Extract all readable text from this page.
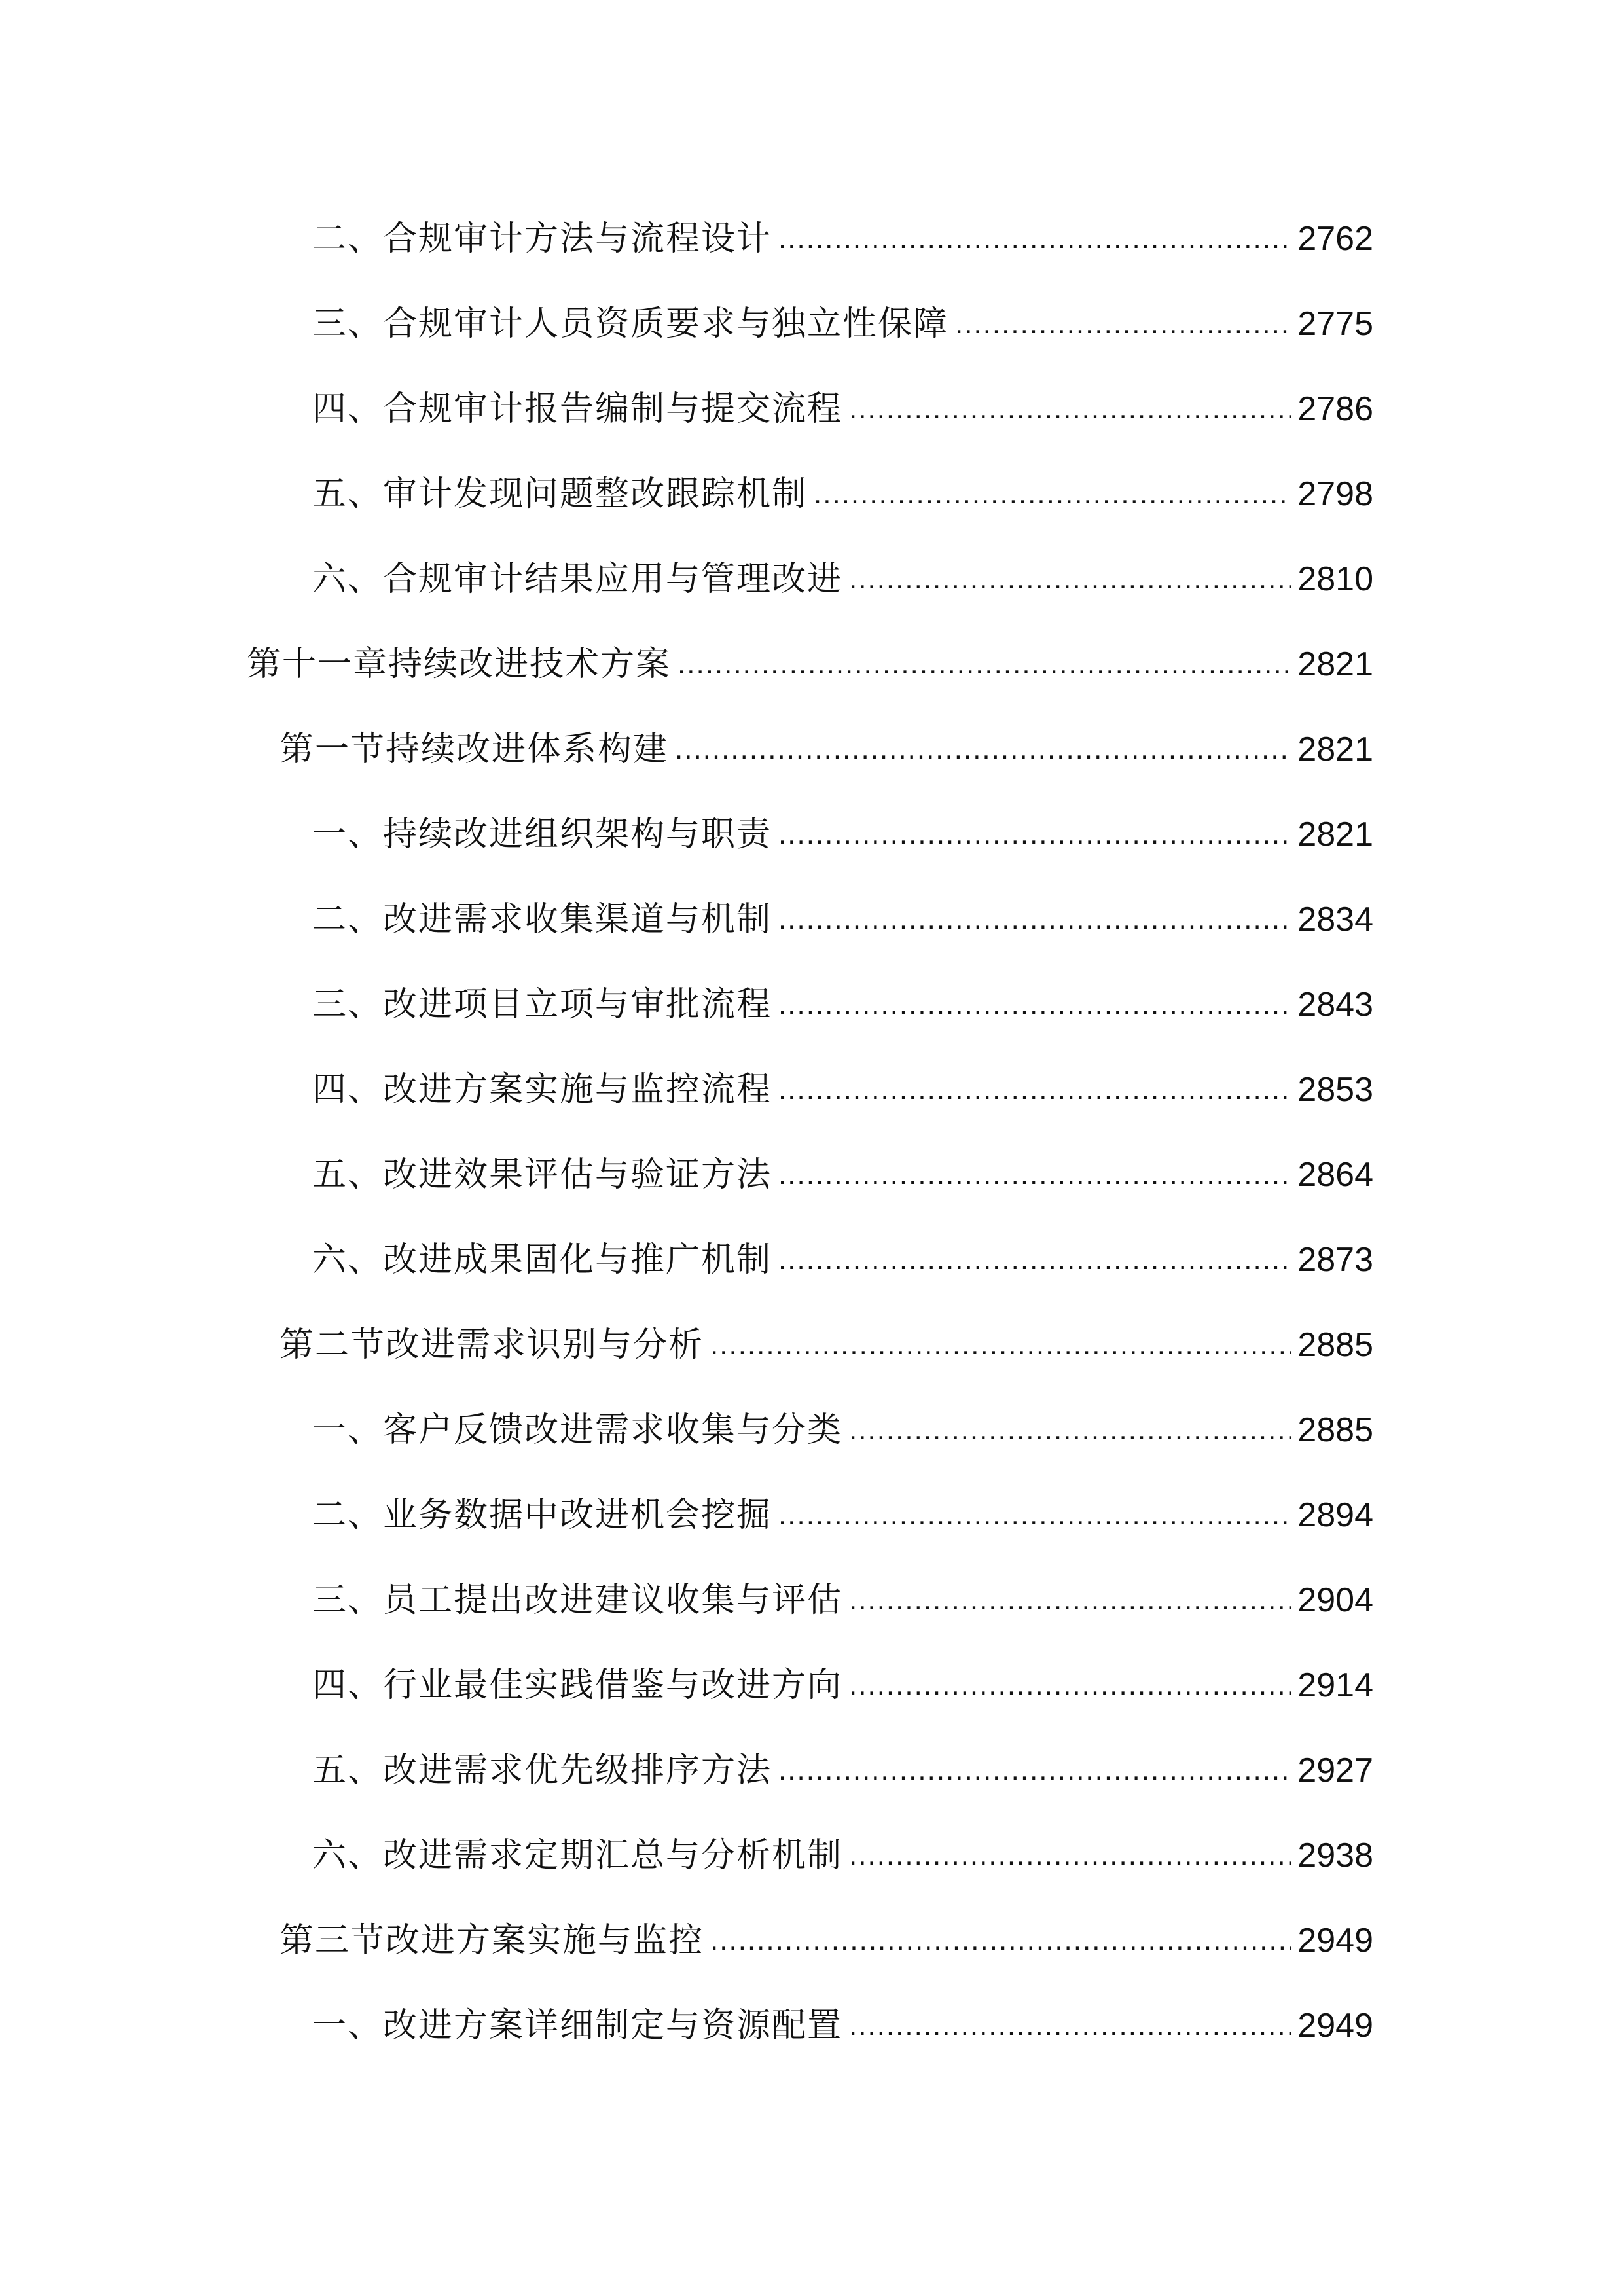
二、合规审计方法与流程设计 .....	2762
三、合规审计人员资质要求与独立性保障 .....	2775
四、合规审计报告编制与提交流程 .....	2786
五、审计发现问题整改跟踪机制 .....	2798
六、合规审计结果应用与管理改进 .....	2810
第十一章持续改进技术方案 .....	2821
第一节持续改进体系构建 .....	2821
一、持续改进组织架构与职责 .....	2821
二、改进需求收集渠道与机制 .....	2834
三、改进项目立项与审批流程 .....	2843
四、改进方案实施与监控流程 .....	2853
五、改进效果评估与验证方法 .....	2864
六、改进成果固化与推广机制 .....	2873
第二节改进需求识别与分析 .....	2885
一、客户反馈改进需求收集与分类 .....	2885
二、业务数据中改进机会挖掘 .....	2894
三、员工提出改进建议收集与评估 .....	2904
四、行业最佳实践借鉴与改进方向 .....	2914
五、改进需求优先级排序方法 .....	2927
六、改进需求定期汇总与分析机制 .....	2938
第三节改进方案实施与监控 .....	2949
一、改进方案详细制定与资源配置 .....	2949
